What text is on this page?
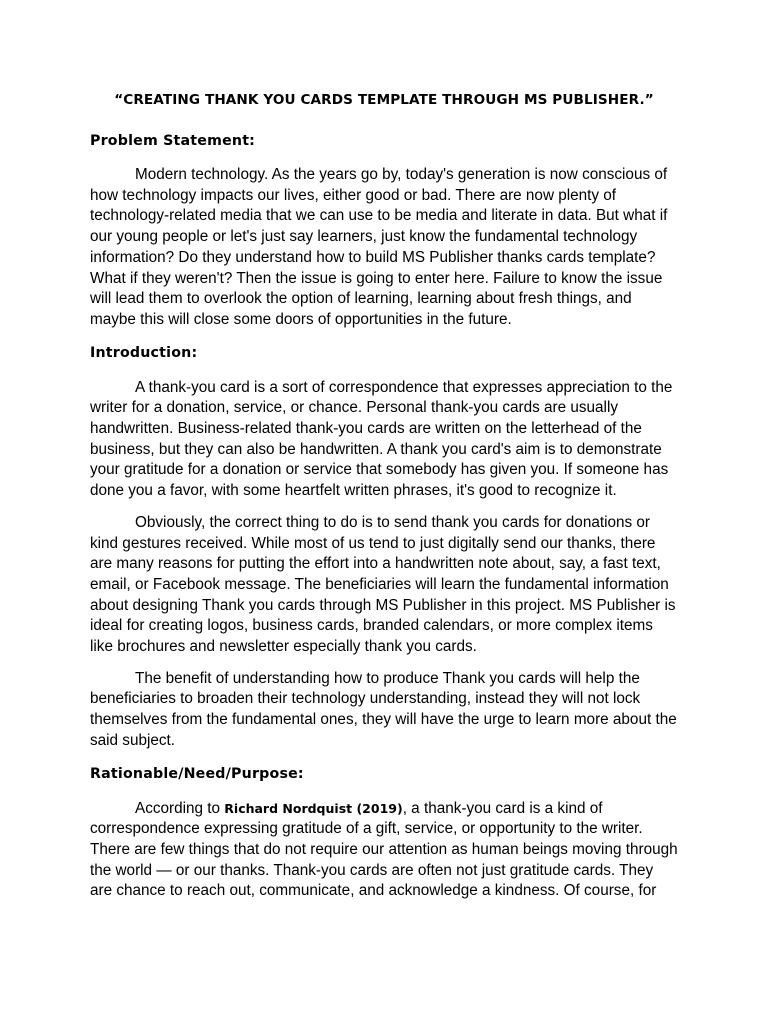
“CREATING THANK YOU CARDS TEMPLATE THROUGH MS PUBLISHER.”
Problem Statement:

Modern technology. As the years go by, today's generation is now conscious of how technology impacts our lives, either good or bad. There are now plenty of technology-related media that we can use to be media and literate in data. But what if our young people or let's just say learners, just know the fundamental technology information? Do they understand how to build MS Publisher thanks cards template? What if they weren't? Then the issue is going to enter here. Failure to know the issue will lead them to overlook the option of learning, learning about fresh things, and maybe this will close some doors of opportunities in the future.

Introduction:

A thank-you card is a sort of correspondence that expresses appreciation to the writer for a donation, service, or chance. Personal thank-you cards are usually handwritten. Business-related thank-you cards are written on the letterhead of the business, but they can also be handwritten. A thank you card's aim is to demonstrate your gratitude for a donation or service that somebody has given you. If someone has done you a favor, with some heartfelt written phrases, it's good to recognize it.

Obviously, the correct thing to do is to send thank you cards for donations or kind gestures received. While most of us tend to just digitally send our thanks, there are many reasons for putting the effort into a handwritten note about, say, a fast text, email, or Facebook message. The beneficiaries will learn the fundamental information about designing Thank you cards through MS Publisher in this project. MS Publisher is ideal for creating logos, business cards, branded calendars, or more complex items like brochures and newsletter especially thank you cards.

The benefit of understanding how to produce Thank you cards will help the beneficiaries to broaden their technology understanding, instead they will not lock themselves from the fundamental ones, they will have the urge to learn more about the said subject.

Rationable/Need/Purpose:

According to Richard Nordquist (2019), a thank-you card is a kind of correspondence expressing gratitude of a gift, service, or opportunity to the writer. There are few things that do not require our attention as human beings moving through the world — or our thanks. Thank-you cards are often not just gratitude cards. They are chance to reach out, communicate, and acknowledge a kindness. Of course, for
